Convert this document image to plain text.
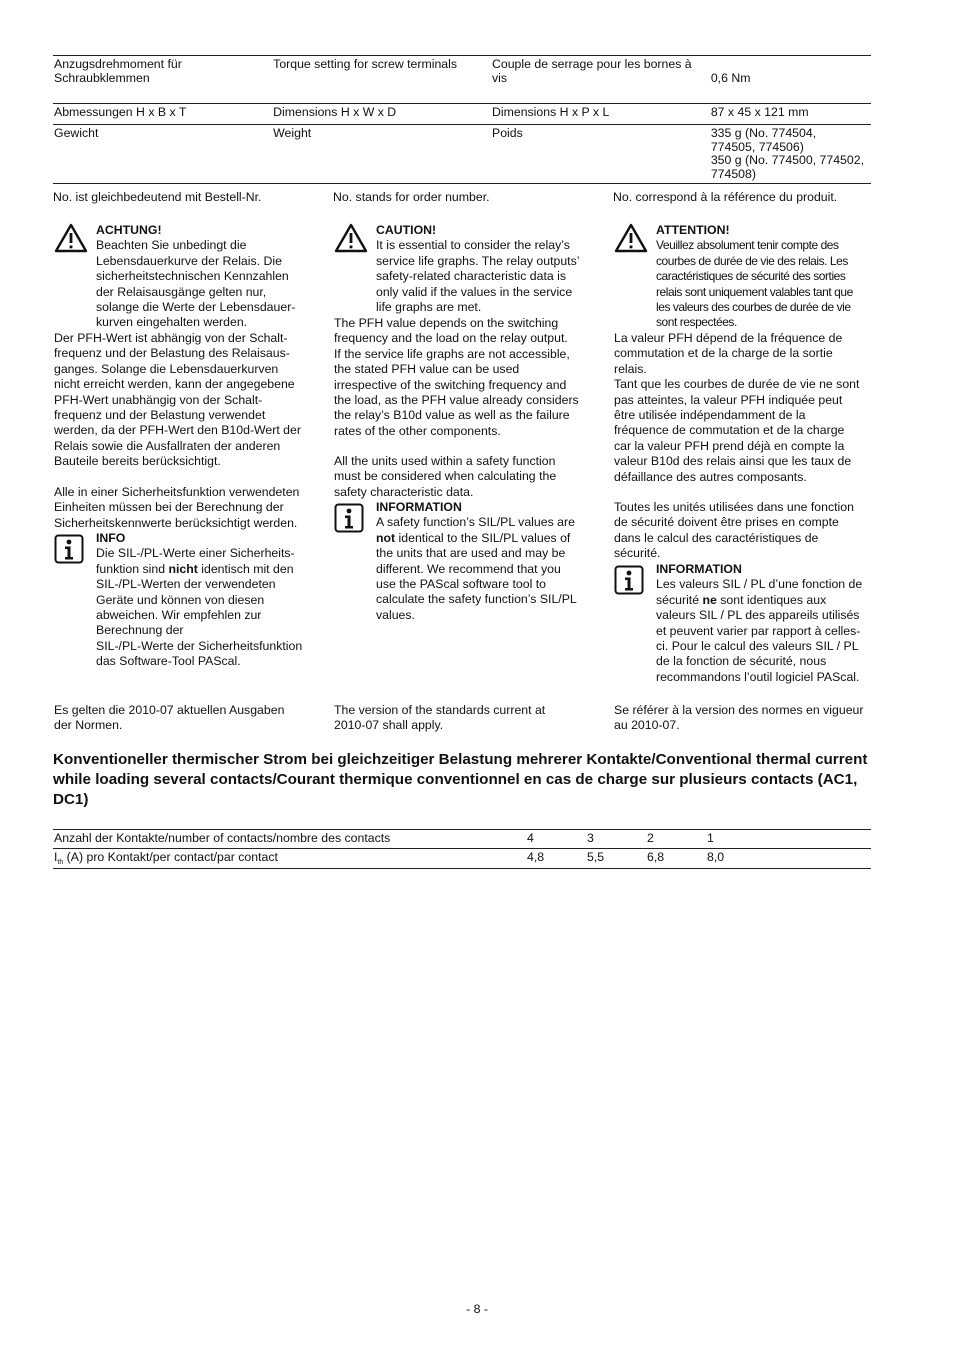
Anzugsdrehmoment für Schraubklemmen	Torque setting for screw terminals	Couple de serrage pour les bornes à vis	0,6 Nm
Abmessungen H x B x T	Dimensions H x W x D	Dimensions H x P x L	87 x 45 x 121 mm
Gewicht	Weight	Poids	335 g (No. 774504,
774505, 774506)
350 g (No. 774500, 774502,
774508)
No. ist gleichbedeutend mit Bestell-Nr.	No. stands for order number.	No. correspond à la référence du produit.
ACHTUNG!
Beachten Sie unbedingt die
Lebensdauerkurve der Relais. Die
sicherheitstechnischen Kennzahlen
der Relaisausgänge gelten nur,
solange die Werte der Lebensdauer-
kurven eingehalten werden.
Der PFH-Wert ist abhängig von der Schalt-
frequenz und der Belastung des Relaisaus-
ganges. Solange die Lebensdauerkurven
nicht erreicht werden, kann der angegebene
PFH-Wert unabhängig von der Schalt-
frequenz und der Belastung verwendet
werden, da der PFH-Wert den B10d-Wert der
Relais sowie die Ausfallraten der anderen
Bauteile bereits berücksichtigt.
Alle in einer Sicherheitsfunktion verwendeten
Einheiten müssen bei der Berechnung der
Sicherheitskennwerte berücksichtigt werden.
INFO
Die SIL-/PL-Werte einer Sicherheits-
funktion sind nicht identisch mit den
SIL-/PL-Werten der verwendeten
Geräte und können von diesen
abweichen. Wir empfehlen zur
Berechnung der
SIL-/PL-Werte der Sicherheitsfunktion
das Software-Tool PAScal.
Es gelten die 2010-07 aktuellen Ausgaben
der Normen.
CAUTION!
It is essential to consider the relay’s
service life graphs. The relay outputs’
safety-related characteristic data is
only valid if the values in the service
life graphs are met.
The PFH value depends on the switching
frequency and the load on the relay output.
If the service life graphs are not accessible,
the stated PFH value can be used
irrespective of the switching frequency and
the load, as the PFH value already considers
the relay’s B10d value as well as the failure
rates of the other components.
All the units used within a safety function
must be considered when calculating the
safety characteristic data.
INFORMATION
A safety function’s SIL/PL values are
not identical to the SIL/PL values of
the units that are used and may be
different. We recommend that you
use the PAScal software tool to
calculate the safety function’s SIL/PL
values.
The version of the standards current at
2010-07 shall apply.
ATTENTION!
Veuillez absolument tenir compte des
courbes de durée de vie des relais. Les
caractéristiques de sécurité des sorties
relais sont uniquement valables tant que
les valeurs des courbes de durée de vie
sont respectées.
La valeur PFH dépend de la fréquence de
commutation et de la charge de la sortie
relais.
Tant que les courbes de durée de vie ne sont
pas atteintes, la valeur PFH indiquée peut
être utilisée indépendamment de la
fréquence de commutation et de la charge
car la valeur PFH prend déjà en compte la
valeur B10d des relais ainsi que les taux de
défaillance des autres composants.
Toutes les unités utilisées dans une fonction
de sécurité doivent être prises en compte
dans le calcul des caractéristiques de
sécurité.
INFORMATION
Les valeurs SIL / PL d’une fonction de
sécurité ne sont identiques aux
valeurs SIL / PL des appareils utilisés
et peuvent varier par rapport à celles-
ci. Pour le calcul des valeurs SIL / PL
de la fonction de sécurité, nous
recommandons l’outil logiciel PAScal.
Se référer à la version des normes en vigueur
au 2010-07.
Konventioneller thermischer Strom bei gleichzeitiger Belastung mehrerer Kontakte/Conventional thermal current while loading several contacts/Courant thermique conventionnel en cas de charge sur plusieurs contacts (AC1, DC1)
Anzahl der Kontakte/number of contacts/nombre des contacts	4	3	2	1
$I_{th}$ (A) pro Kontakt/per contact/par contact	4,8	5,5	6,8	8,0
- 8 -
